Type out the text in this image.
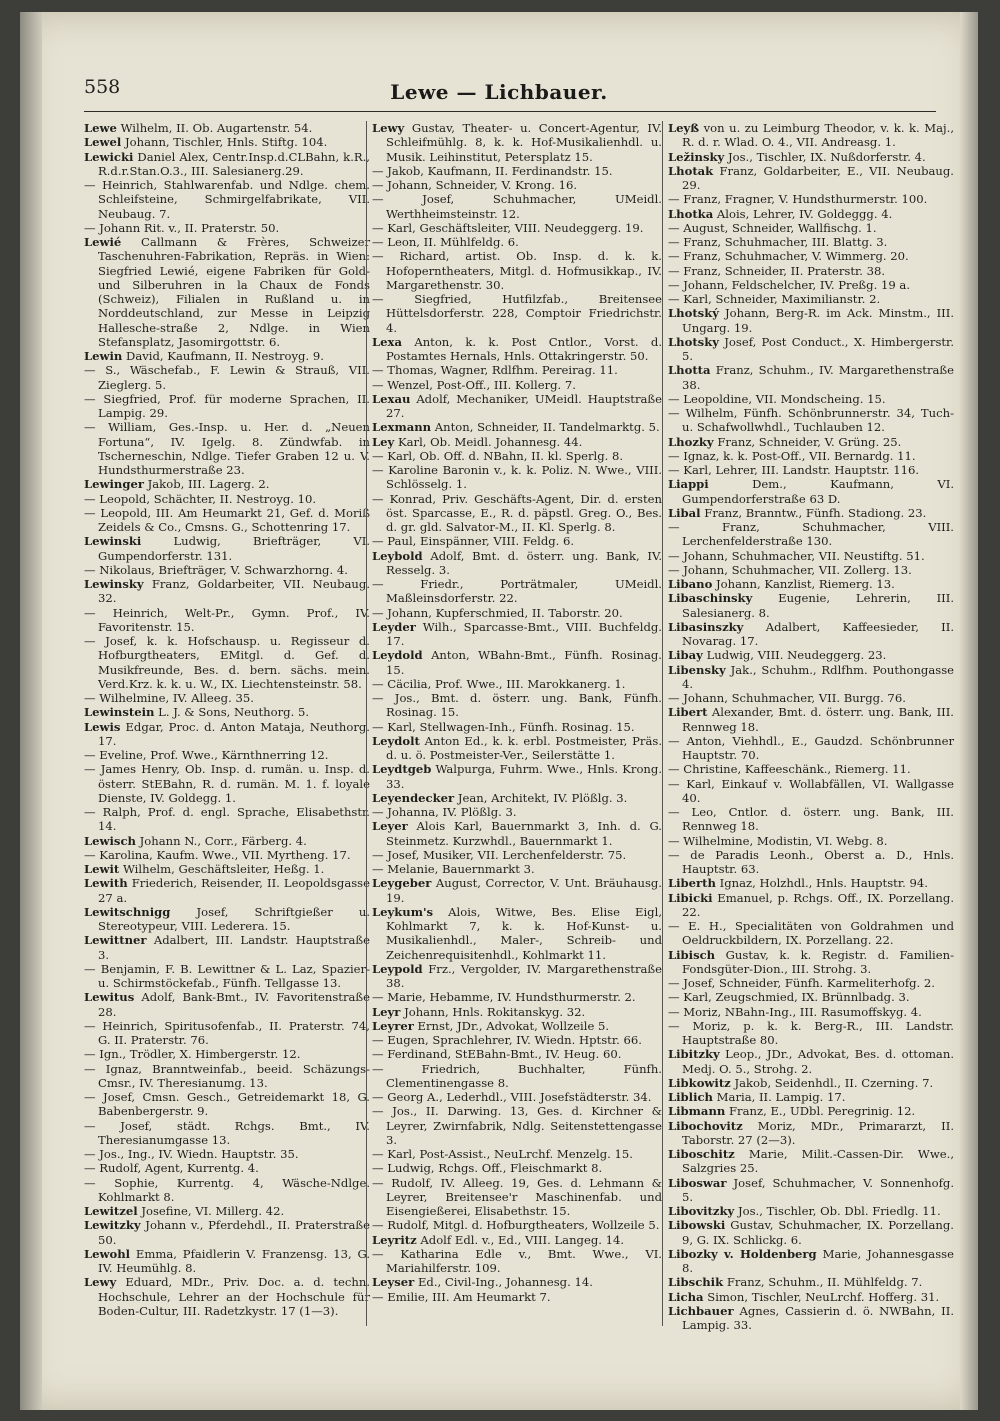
558	Lewe — Lichbauer.

Lewe Wilhelm, II. Ob. Augartenstr. 54.

Lewel Johann, Tischler, Hnls. Stiftg. 104.

Lewicki Daniel Alex, Centr.Insp.d.CLBahn, k.R., R.d.r.Stan.O.3., III. Salesianerg.29.

— Heinrich, Stahlwarenfab. und Ndlge. chem. Schleifsteine, Schmirgelfabrikate, VII. Neubaug. 7.

— Johann Rit. v., II. Praterstr. 50.

Lewié Callmann & Frères, Schweizer Taschenuhren-Fabrikation, Repräs. in Wien: Siegfried Lewié, eigene Fabriken für Gold- und Silberuhren in la Chaux de Fonds (Schweiz), Filialen in Rußland u. in Norddeutschland, zur Messe in Leipzig Hallesche-straße 2, Ndlge. in Wien Stefansplatz, Jasomirgottstr. 6.

Lewin David, Kaufmann, II. Nestroyg. 9.

— S., Wäschefab., F. Lewin & Strauß, VII. Zieglerg. 5.

— Siegfried, Prof. für moderne Sprachen, II. Lampig. 29.

— William, Ges.-Insp. u. Her. d. „Neuen Fortuna“, IV. Igelg. 8. Zündwfab. in Tscherneschin, Ndlge. Tiefer Graben 12 u. V. Hundsthurmerstraße 23.

Lewinger Jakob, III. Lagerg. 2.

— Leopold, Schächter, II. Nestroyg. 10.

— Leopold, III. Am Heumarkt 21, Gef. d. Moriß Zeidels & Co., Cmsns. G., Schottenring 17.

Lewinski	Ludwig, Briefträger, VI. Gumpendorferstr. 131.

— Nikolaus, Briefträger, V. Schwarzhorng. 4.

Lewinsky Franz, Goldarbeiter, VII. Neubaug. 32.

— Heinrich, Welt-Pr., Gymn. Prof., IV. Favoritenstr. 15.

— Josef, k. k. Hofschausp. u. Regisseur d. Hofburgtheaters, EMitgl. d. Gef. d. Musikfreunde, Bes. d. bern. sächs. mein. Verd.Krz. k. k. u. W., IX. Liechtensteinstr. 58.

— Wilhelmine, IV. Alleeg. 35.

Lewinstein L. J. & Sons, Neuthorg. 5.

Lewis Edgar, Proc. d. Anton Mataja, Neuthorg. 17.

— Eveline, Prof. Wwe., Kärnthnerring 12.

— James Henry, Ob. Insp. d. rumän. u. Insp. d. österr. StEBahn, R. d. rumän. M. 1. f. loyale Dienste, IV. Goldegg. 1.

— Ralph, Prof. d. engl. Sprache, Elisabethstr. 14.

Lewisch Johann N., Corr., Färberg. 4.

— Karolina, Kaufm. Wwe., VII. Myrtheng. 17.

Lewit Wilhelm, Geschäftsleiter, Heßg. 1.

Lewith Friederich, Reisender, II. Leopoldsgasse 27 a.

Lewitschnigg Josef, Schriftgießer u. Stereotypeur, VIII. Lederera. 15.

Lewittner Adalbert, III. Landstr. Hauptstraße 3.

— Benjamin, F. B. Lewittner & L. Laz, Spazier- u. Schirmstöckefab., Fünfh. Tellgasse 13.

Lewitus Adolf, Bank-Bmt., IV. Favoritenstraße 28.

— Heinrich, Spiritusofenfab., II. Praterstr. 74, G. II. Praterstr. 76.

— Ign., Trödler, X. Himbergerstr. 12.

— Ignaz, Branntweinfab., beeid. Schäzungs-Cmsr., IV. Theresianumg. 13.

— Josef, Cmsn. Gesch., Getreidemarkt 18, G. Babenbergerstr. 9.

— Josef, städt. Rchgs. Bmt., IV. Theresianumgasse 13.

— Jos., Ing., IV. Wiedn. Hauptstr. 35.

— Rudolf, Agent, Kurrentg. 4.

— Sophie, Kurrentg. 4, Wäsche-Ndlge. Kohlmarkt 8.

Lewitzel Josefine, VI. Millerg. 42.

Lewitzky Johann v., Pferdehdl., II. Praterstraße 50.

Lewohl Emma, Pfaidlerin V. Franzensg. 13, G. IV. Heumühlg. 8.

Lewy Eduard, MDr., Priv. Doc. a. d. techn. Hochschule, Lehrer an der Hochschule für Boden-Cultur, III. Radetzkystr. 17 (1—3).

Lewy Gustav, Theater- u. Concert-Agentur, IV. Schleifmühlg. 8, k. k. Hof-Musikalienhdl. u. Musik. Leihinstitut, Petersplatz 15.

— Jakob, Kaufmann, II. Ferdinandstr. 15.

— Johann, Schneider, V. Krong. 16.

— Josef, Schuhmacher, UMeidl. Werthheimsteinstr. 12.

— Karl, Geschäftsleiter, VIII. Neudeggerg. 19.

— Leon, II. Mühlfeldg. 6.

— Richard, artist. Ob. Insp. d. k. k. Hofoperntheaters, Mitgl. d. Hofmusikkap., IV. Margarethenstr. 30.

— Siegfried, Hutfilzfab., Breitensee Hüttelsdorferstr. 228, Comptoir Friedrichstr. 4.

Lexa Anton, k. k. Post Cntlor., Vorst. d. Postamtes Hernals, Hnls. Ottakringerstr. 50.

— Thomas, Wagner, Rdlfhm. Pereirag. 11.

— Wenzel, Post-Off., III. Kollerg. 7.

Lexau Adolf, Mechaniker, UMeidl. Hauptstraße 27.

Lexmann Anton, Schneider, II. Tandelmarktg. 5.

Ley Karl, Ob. Meidl. Johannesg. 44.

— Karl, Ob. Off. d. NBahn, II. kl. Sperlg. 8.

— Karoline Baronin v., k. k. Poliz. N. Wwe., VIII. Schlösselg. 1.

— Konrad, Priv. Geschäfts-Agent, Dir. d. ersten öst. Sparcasse, E., R. d. päpstl. Greg. O., Bes. d. gr. gld. Salvator-M., II. Kl. Sperlg. 8.

— Paul, Einspänner, VIII. Feldg. 6.

Leybold Adolf, Bmt. d. österr. ung. Bank, IV. Resselg. 3.

— Friedr., Porträtmaler, UMeidl. Maßleinsdorferstr. 22.

— Johann, Kupferschmied, II. Taborstr. 20.

Leyder Wilh., Sparcasse-Bmt., VIII. Buchfeldg. 17.

Leydold Anton, WBahn-Bmt., Fünfh. Rosinag. 15.

— Cäcilia, Prof. Wwe., III. Marokkanerg. 1.

— Jos., Bmt. d. österr. ung. Bank, Fünfh. Rosinag. 15.

— Karl, Stellwagen-Inh., Fünfh. Rosinag. 15.

Leydolt Anton Ed., k. k. erbl. Postmeister, Präs. d. u. ö. Postmeister-Ver., Seilerstätte 1.

Leydtgeb Walpurga, Fuhrm. Wwe., Hnls. Krong. 33.

Leyendecker Jean, Architekt, IV. Plößlg. 3.

— Johanna, IV. Plößlg. 3.

Leyer Alois Karl, Bauernmarkt 3, Inh. d. G. Steinmetz. Kurzwhdl., Bauernmarkt 1.

— Josef, Musiker, VII. Lerchenfelderstr. 75.

— Melanie, Bauernmarkt 3.

Leygeber August, Corrector, V. Unt. Bräuhausg. 19.

Leykum's Alois, Witwe, Bes. Elise Eigl, Kohlmarkt 7, k. k. Hof-Kunst- u. Musikalienhdl., Maler-, Schreib- und Zeichenrequisitenhdl., Kohlmarkt 11.

Leypold Frz., Vergolder, IV. Margarethenstraße 38.

— Marie, Hebamme, IV. Hundsthurmerstr. 2.

Leyr Johann, Hnls. Rokitanskyg. 32.

Leyrer Ernst, JDr., Advokat, Wollzeile 5.

— Eugen, Sprachlehrer, IV. Wiedn. Hptstr. 66.

— Ferdinand, StEBahn-Bmt., IV. Heug. 60.

— Friedrich, Buchhalter, Fünfh. Clementinengasse 8.

— Georg A., Lederhdl., VIII. Josefstädterstr. 34.

— Jos., II. Darwing. 13, Ges. d. Kirchner & Leyrer, Zwirnfabrik, Ndlg. Seitenstettengasse 3.

— Karl, Post-Assist., NeuLrchf. Menzelg. 15.

— Ludwig, Rchgs. Off., Fleischmarkt 8.

— Rudolf, IV. Alleeg. 19, Ges. d. Lehmann & Leyrer, Breitensee'r Maschinenfab. und Eisengießerei, Elisabethstr. 15.

— Rudolf, Mitgl. d. Hofburgtheaters, Wollzeile 5.

Leyritz Adolf Edl. v., Ed., VIII. Langeg. 14.

— Katharina Edle v., Bmt. Wwe., VI. Mariahilferstr. 109.

Leyser Ed., Civil-Ing., Johannesg. 14.

— Emilie, III. Am Heumarkt 7.

Leyß von u. zu Leimburg Theodor, v. k. k. Maj., R. d. r. Wlad. O. 4., VII. Andreasg. 1.

Ležinsky Jos., Tischler, IX. Nußdorferstr. 4.

Lhotak Franz, Goldarbeiter, E., VII. Neubaug. 29.

— Franz, Fragner, V. Hundsthurmerstr. 100.

Lhotka Alois, Lehrer, IV. Goldeggg. 4.

— August, Schneider, Wallfischg. 1.

— Franz, Schuhmacher, III. Blattg. 3.

— Franz, Schuhmacher, V. Wimmerg. 20.

— Franz, Schneider, II. Praterstr. 38.

— Johann, Feldschelcher, IV. Preßg. 19 a.

— Karl, Schneider, Maximilianstr. 2.

Lhotský Johann, Berg-R. im Ack. Minstm., III. Ungarg. 19.

Lhotsky Josef, Post Conduct., X. Himbergerstr. 5.

Lhotta Franz, Schuhm., IV. Margarethenstraße 38.

— Leopoldine, VII. Mondscheing. 15.

— Wilhelm, Fünfh. Schönbrunnerstr. 34, Tuch- u. Schafwollwhdl., Tuchlauben 12.

Lhozky Franz, Schneider, V. Grüng. 25.

— Ignaz, k. k. Post-Off., VII. Bernardg. 11.

— Karl, Lehrer, III. Landstr. Hauptstr. 116.

Liappi	Dem., Kaufmann, VI. Gumpendorferstraße 63 D.

Libal Franz, Branntw., Fünfh. Stadiong. 23.

— Franz, Schuhmacher, VIII. Lerchenfelderstraße 130.

— Johann, Schuhmacher, VII. Neustiftg. 51.

— Johann, Schuhmacher, VII. Zollerg. 13.

Libano Johann, Kanzlist, Riemerg. 13.

Libaschinsky Eugenie, Lehrerin, III. Salesianerg. 8.

Libasinszky Adalbert, Kaffeesieder, II. Novarag. 17.

Libay Ludwig, VIII. Neudeggerg. 23.

Libensky Jak., Schuhm., Rdlfhm. Pouthongasse 4.

— Johann, Schuhmacher, VII. Burgg. 76.

Libert Alexander, Bmt. d. österr. ung. Bank, III. Rennweg 18.

— Anton, Viehhdl., E., Gaudzd. Schönbrunner Hauptstr. 70.

— Christine, Kaffeeschänk., Riemerg. 11.

— Karl, Einkauf v. Wollabfällen, VI. Wallgasse 40.

— Leo, Cntlor. d. österr. ung. Bank, III. Rennweg 18.

— Wilhelmine, Modistin, VI. Webg. 8.

— de Paradis Leonh., Oberst a. D., Hnls. Hauptstr. 63.

Liberth Ignaz, Holzhdl., Hnls. Hauptstr. 94.

Libicki Emanuel, p. Rchgs. Off., IX. Porzellang. 22.

— E. H., Specialitäten von Goldrahmen und Oeldruckbildern, IX. Porzellang. 22.

Libisch Gustav, k. k. Registr. d. Familien-Fondsgüter-Dion., III. Strohg. 3.

— Josef, Schneider, Fünfh. Karmeliterhofg. 2.

— Karl, Zeugschmied, IX. Brünnlbadg. 3.

— Moriz, NBahn-Ing., III. Rasumoffskyg. 4.

— Moriz, p. k. k. Berg-R., III. Landstr. Hauptstraße 80.

Libitzky Leop., JDr., Advokat, Bes. d. ottoman. Medj. O. 5., Strohg. 2.

Libkowitz Jakob, Seidenhdl., II. Czerning. 7.

Liblich Maria, II. Lampig. 17.

Libmann Franz, E., UDbl. Peregrinig. 12.

Libochovitz Moriz, MDr., Primararzt, II. Taborstr. 27 (2—3).

Liboschitz Marie, Milit.-Cassen-Dir. Wwe., Salzgries 25.

Liboswar Josef, Schuhmacher, V. Sonnenhofg. 5.

Libovitzky Jos., Tischler, Ob. Dbl. Friedlg. 11.

Libowski Gustav, Schuhmacher, IX. Porzellang. 9, G. IX. Schlickg. 6.

Libozky v. Holdenberg Marie, Johannesgasse 8.

Libschik Franz, Schuhm., II. Mühlfeldg. 7.

Licha Simon, Tischler, NeuLrchf. Hofferg. 31.

Lichbauer Agnes, Cassierin d. ö. NWBahn, II. Lampig. 33.
